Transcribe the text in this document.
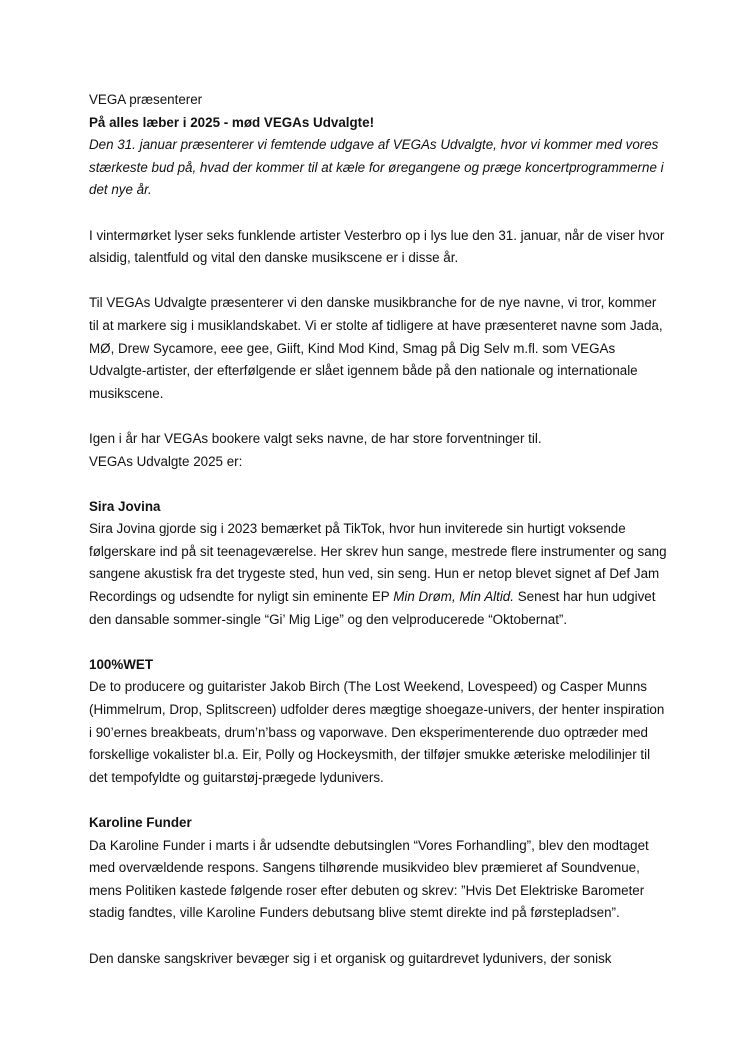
VEGA præsenterer

På alles læber i 2025 - mød VEGAs Udvalgte!

Den 31. januar præsenterer vi femtende udgave af VEGAs Udvalgte, hvor vi kommer med vores stærkeste bud på, hvad der kommer til at kæle for øregangene og præge koncertprogrammerne i det nye år.

I vintermørket lyser seks funklende artister Vesterbro op i lys lue den 31. januar, når de viser hvor alsidig, talentfuld og vital den danske musikscene er i disse år.

Til VEGAs Udvalgte præsenterer vi den danske musikbranche for de nye navne, vi tror, kommer til at markere sig i musiklandskabet. Vi er stolte af tidligere at have præsenteret navne som Jada, MØ, Drew Sycamore, eee gee, Giift, Kind Mod Kind, Smag på Dig Selv m.fl. som VEGAs Udvalgte-artister, der efterfølgende er slået igennem både på den nationale og internationale musikscene.

Igen i år har VEGAs bookere valgt seks navne, de har store forventninger til.

VEGAs Udvalgte 2025 er:

Sira Jovina

Sira Jovina gjorde sig i 2023 bemærket på TikTok, hvor hun inviterede sin hurtigt voksende følgerskare ind på sit teenageværelse. Her skrev hun sange, mestrede flere instrumenter og sang sangene akustisk fra det trygeste sted, hun ved, sin seng. Hun er netop blevet signet af Def Jam Recordings og udsendte for nyligt sin eminente EP Min Drøm, Min Altid. Senest har hun udgivet den dansable sommer-single “Gi’ Mig Lige” og den velproducerede “Oktobernat”.

100%WET

De to producere og guitarister Jakob Birch (The Lost Weekend, Lovespeed) og Casper Munns (Himmelrum, Drop, Splitscreen) udfolder deres mægtige shoegaze-univers, der henter inspiration i 90’ernes breakbeats, drum’n’bass og vaporwave. Den eksperimenterende duo optræder med forskellige vokalister bl.a. Eir, Polly og Hockeysmith, der tilføjer smukke æteriske melodilinjer til det tempofyldte og guitarstøj-prægede lydunivers.

Karoline Funder

Da Karoline Funder i marts i år udsendte debutsinglen “Vores Forhandling”, blev den modtaget med overvældende respons. Sangens tilhørende musikvideo blev præmieret af Soundvenue, mens Politiken kastede følgende roser efter debuten og skrev: ”Hvis Det Elektriske Barometer stadig fandtes, ville Karoline Funders debutsang blive stemt direkte ind på førstepladsen”.

Den danske sangskriver bevæger sig i et organisk og guitardrevet lydunivers, der sonisk
